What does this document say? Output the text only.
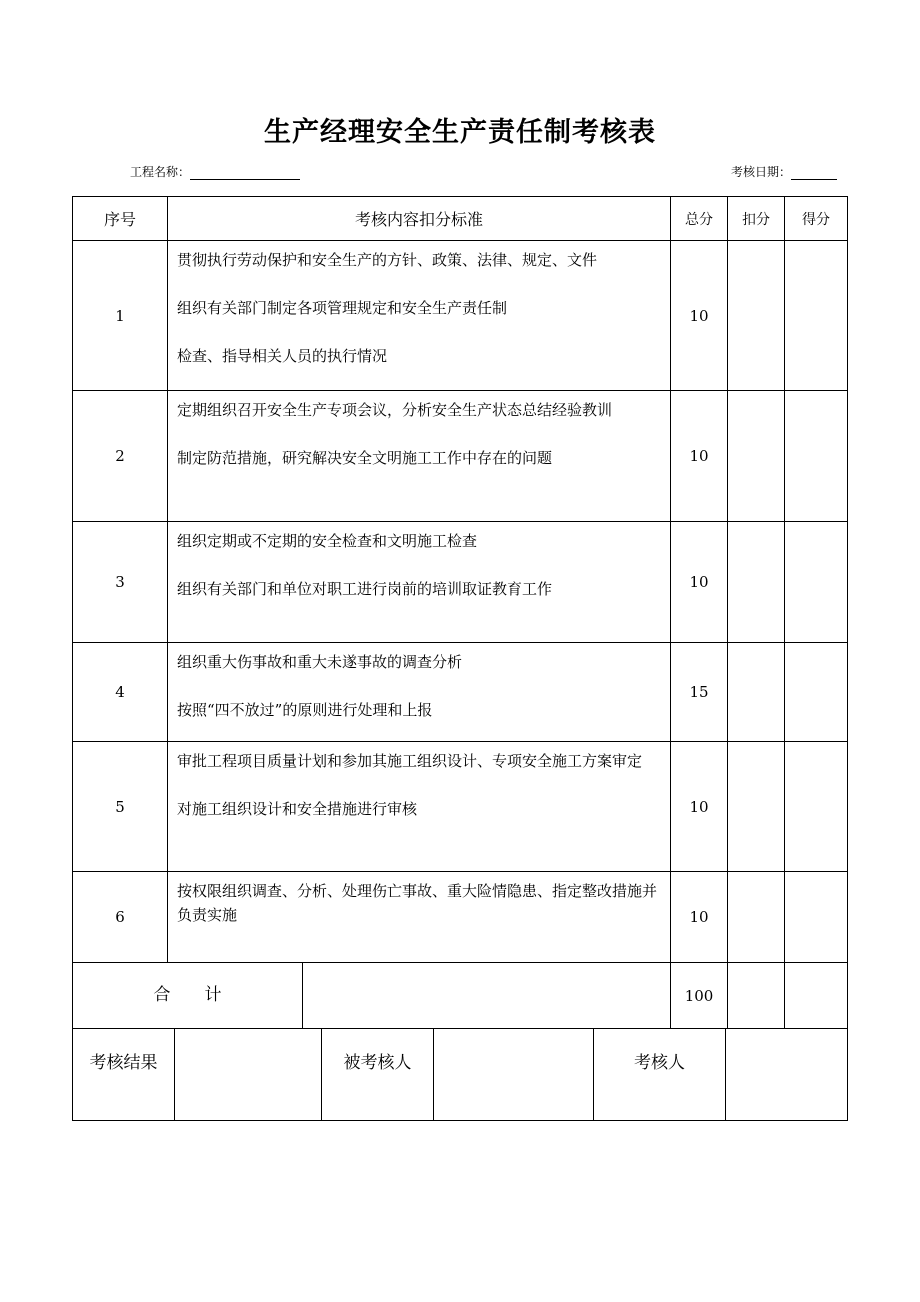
生产经理安全生产责任制考核表
工程名称：	考核日期：
序号	考核内容扣分标准		总分	扣分	得分
1	贯彻执行劳动保护和安全生产的方针、政策、法律、规定、文件
组织有关部门制定各项管理规定和安全生产责任制
检查、指导相关人员的执行情况		10		
2	定期组织召开安全生产专项会议，分析安全生产状态总结经验教训
制定防范措施，研究解决安全文明施工工作中存在的问题		10		
3	组织定期或不定期的安全检查和文明施工检查
组织有关部门和单位对职工进行岗前的培训取证教育工作		10		
4	组织重大伤事故和重大未遂事故的调查分析
按照“四不放过”的原则进行处理和上报		15		
5	审批工程项目质量计划和参加其施工组织设计、专项安全施工方案审定
对施工组织设计和安全措施进行审核		10		
6	按权限组织调查、分析、处理伤亡事故、重大险情隐患、指定整改措施并负责实施		10		
合　　计			100		
考核结果		被考核人		考核人	
